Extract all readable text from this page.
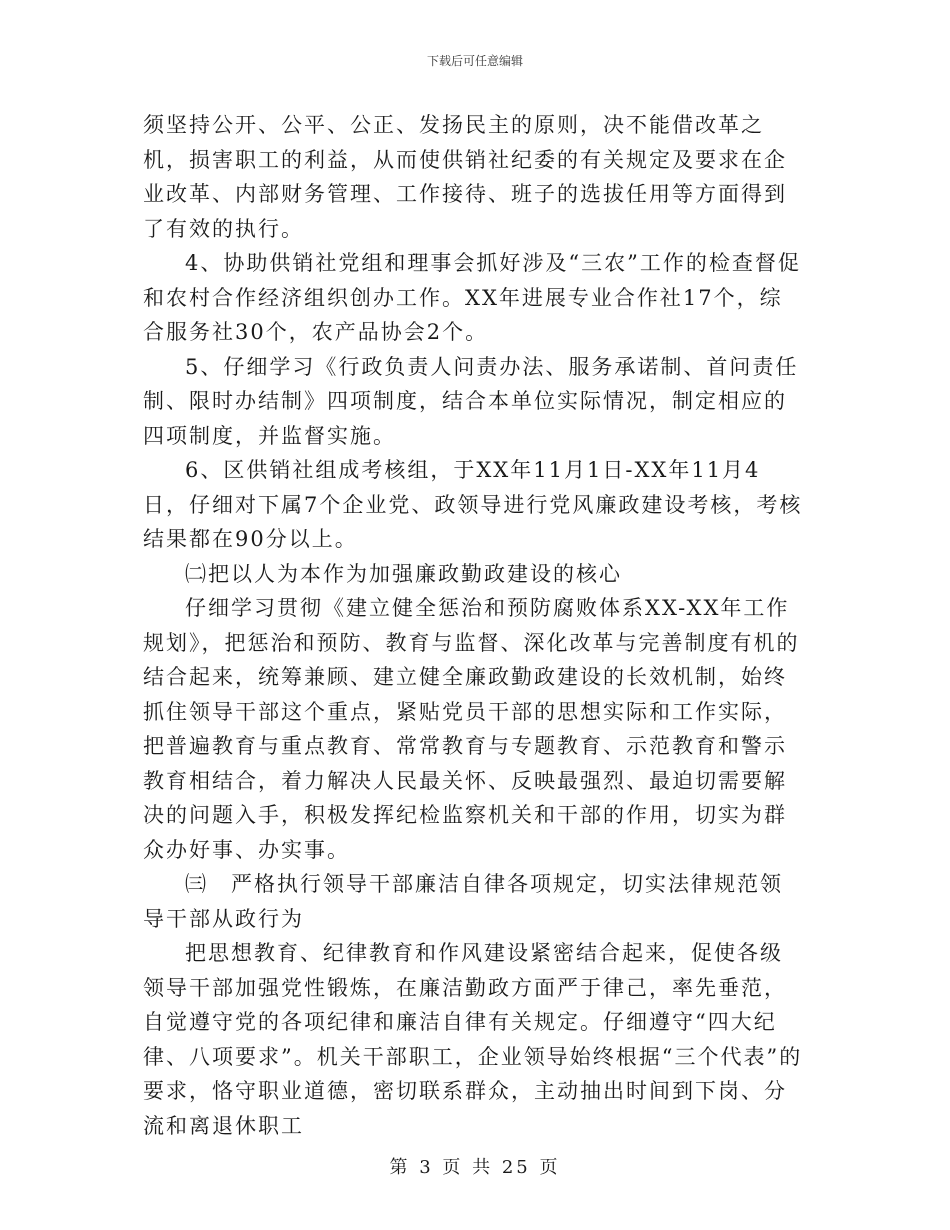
下载后可任意编辑

须坚持公开、公平、公正、发扬民主的原则，决不能借改革之机，损害职工的利益，从而使供销社纪委的有关规定及要求在企业改革、内部财务管理、工作接待、班子的选拔任用等方面得到了有效的执行。

4、协助供销社党组和理事会抓好涉及“三农”工作的检查督促和农村合作经济组织创办工作。XX年进展专业合作社17个，综合服务社30个，农产品协会2个。

5、仔细学习《行政负责人问责办法、服务承诺制、首问责任制、限时办结制》四项制度，结合本单位实际情况，制定相应的四项制度，并监督实施。

6、区供销社组成考核组，于XX年11月1日-XX年11月4日，仔细对下属7个企业党、政领导进行党风廉政建设考核，考核结果都在90分以上。

㈡把以人为本作为加强廉政勤政建设的核心

仔细学习贯彻《建立健全惩治和预防腐败体系XX-XX年工作规划》，把惩治和预防、教育与监督、深化改革与完善制度有机的结合起来，统筹兼顾、建立健全廉政勤政建设的长效机制，始终抓住领导干部这个重点，紧贴党员干部的思想实际和工作实际，把普遍教育与重点教育、常常教育与专题教育、示范教育和警示教育相结合，着力解决人民最关怀、反映最强烈、最迫切需要解决的问题入手，积极发挥纪检监察机关和干部的作用，切实为群众办好事、办实事。

㈢　严格执行领导干部廉洁自律各项规定，切实法律规范领导干部从政行为

把思想教育、纪律教育和作风建设紧密结合起来，促使各级领导干部加强党性锻炼，在廉洁勤政方面严于律己，率先垂范，自觉遵守党的各项纪律和廉洁自律有关规定。仔细遵守“四大纪律、八项要求”。机关干部职工，企业领导始终根据“三个代表”的要求，恪守职业道德，密切联系群众，主动抽出时间到下岗、分流和离退休职工

第 3 页 共 25 页
